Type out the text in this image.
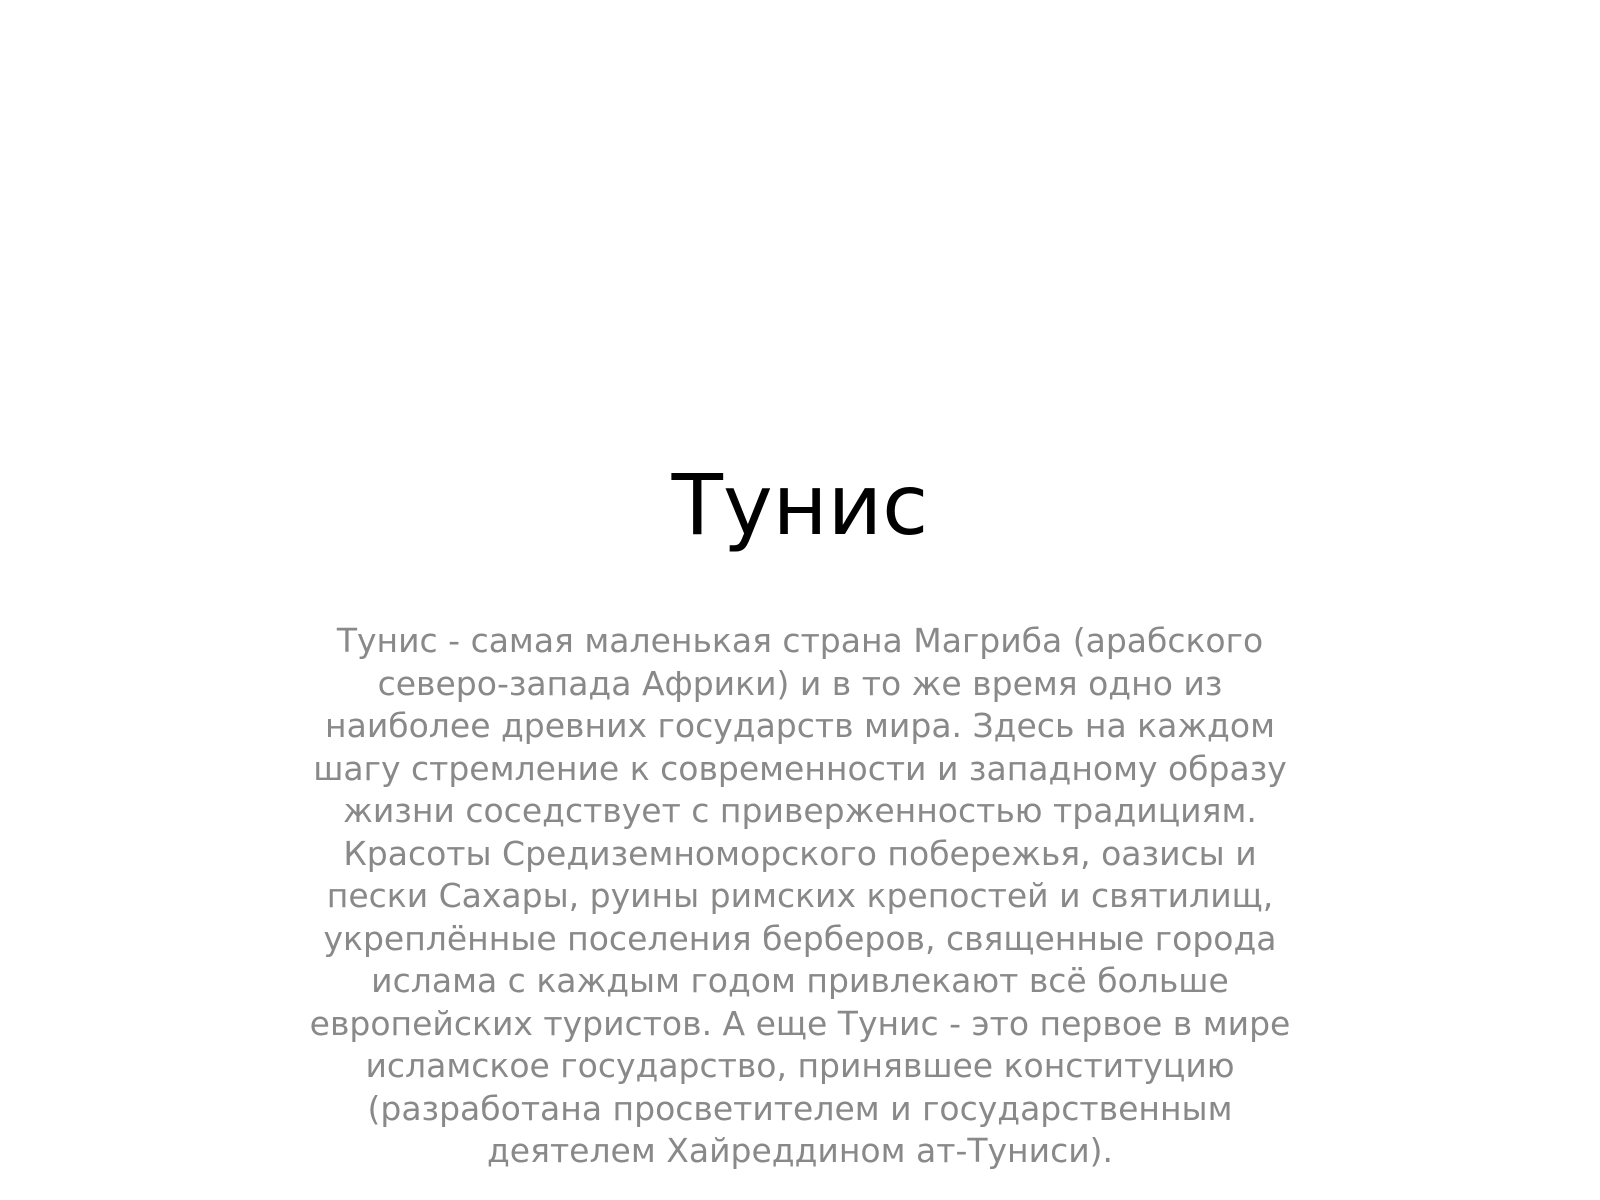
Тунис
Тунис - самая маленькая страна Магриба (арабского
северо-запада Африки) и в то же время одно из
наиболее древних государств мира. Здесь на каждом
шагу стремление к современности и западному образу
жизни соседствует с приверженностью традициям.
Красоты Средиземноморского побережья, оазисы и
пески Сахары, руины римских крепостей и святилищ,
укреплённые поселения берберов, священные города
ислама с каждым годом привлекают всё больше
европейских туристов. А еще Тунис - это первое в мире
исламское государство, принявшее конституцию
(разработана просветителем и государственным
деятелем Хайреддином ат-Туниси).
